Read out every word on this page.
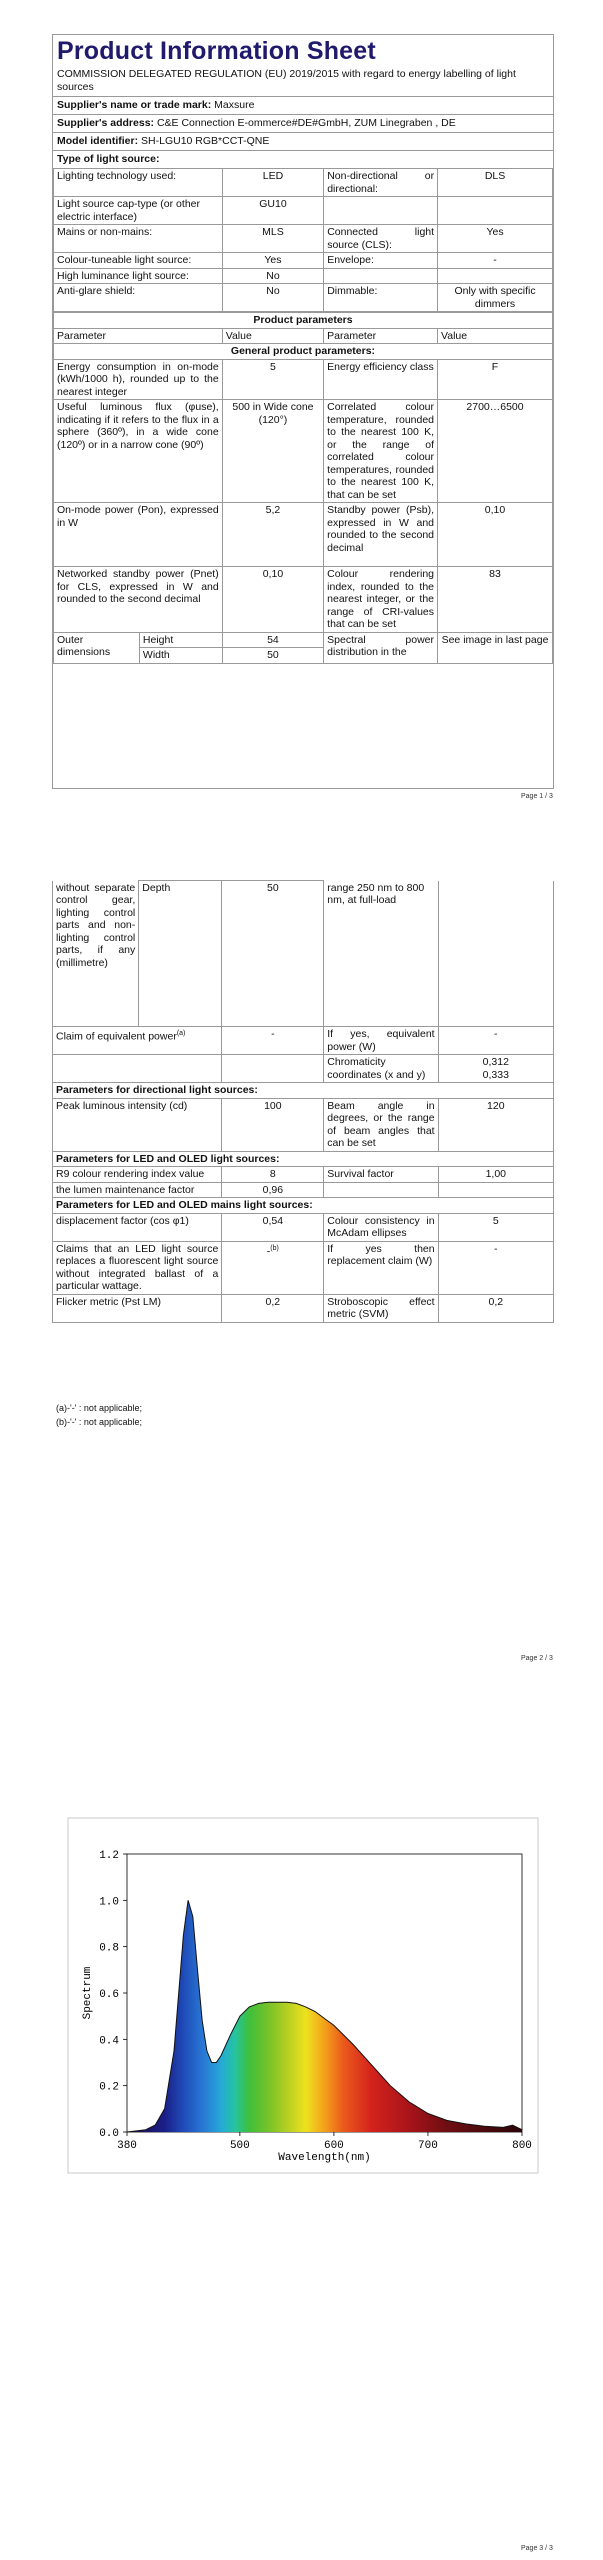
Product Information Sheet
COMMISSION DELEGATED REGULATION (EU) 2019/2015 with regard to energy labelling of light sources
Supplier's name or trade mark: Maxsure
Supplier's address: C&E Connection E-ommerce#DE#GmbH, ZUM Linegraben , DE
Model identifier: SH-LGU10 RGB*CCT-QNE
Type of light source:
Lighting technology used:	LED	Non-directional or directional:	DLS
Light source cap-type (or other electric interface)	GU10		
Mains or non-mains:	MLS	Connected light source (CLS):	Yes
Colour-tuneable light source:	Yes	Envelope:	-
High luminance light source:	No		
Anti-glare shield:	No	Dimmable:	Only with specific dimmers
Product parameters				
Parameter		Value	Parameter	Value
General product parameters:				
Energy consumption in on-mode (kWh/1000 h), rounded up to the nearest integer		5	Energy efficiency class	F
Useful luminous flux (φuse), indicating if it refers to the flux in a sphere (360º), in a wide cone (120º) or in a narrow cone (90º)		500 in Wide cone (120°)	Correlated colour temperature, rounded to the nearest 100 K, or the range of correlated colour temperatures, rounded to the nearest 100 K, that can be set	2700…6500
On-mode power (Pon), expressed in W		5,2	Standby power (Psb), expressed in W and rounded to the second decimal	0,10
Networked standby power (Pnet) for CLS, expressed in W and rounded to the second decimal		0,10	Colour rendering index, rounded to the nearest integer, or the range of CRI-values that can be set	83
Outer dimensions	Height	54	Spectral power distribution in the	See image in last page
	Width	50		
Page 1 / 3
without separate control gear, lighting control parts and non-lighting control parts, if any (millimetre)	Depth	50	range 250 nm to 800 nm, at full-load	
Claim of equivalent power$^{(a)}$		-	If yes, equivalent power (W)	-
			Chromaticity coordinates (x and y)	0,312
0,333

Parameters for directional light sources:				
Peak luminous intensity (cd)		100	Beam angle in degrees, or the range of beam angles that can be set	120
Parameters for LED and OLED light sources:				
R9 colour rendering index value		8	Survival factor	1,00
the lumen maintenance factor		0,96		
Parameters for LED and OLED mains light sources:				
displacement factor (cos φ1)		0,54	Colour consistency in McAdam ellipses	5
Claims that an LED light source replaces a fluorescent light source without integrated ballast of a particular wattage.		-$^{(b)}$	If yes then replacement claim (W)	-
Flicker metric (Pst LM)		0,2	Stroboscopic effect metric (SVM)	0,2
(a)-'-' : not applicable;
(b)-'-' : not applicable;
Page 2 / 3
0.0
0.2
0.4
0.6
0.8
1.0
1.2
380	500	600	700	800
Wavelength(nm)
Spectrum
Page 3 / 3
